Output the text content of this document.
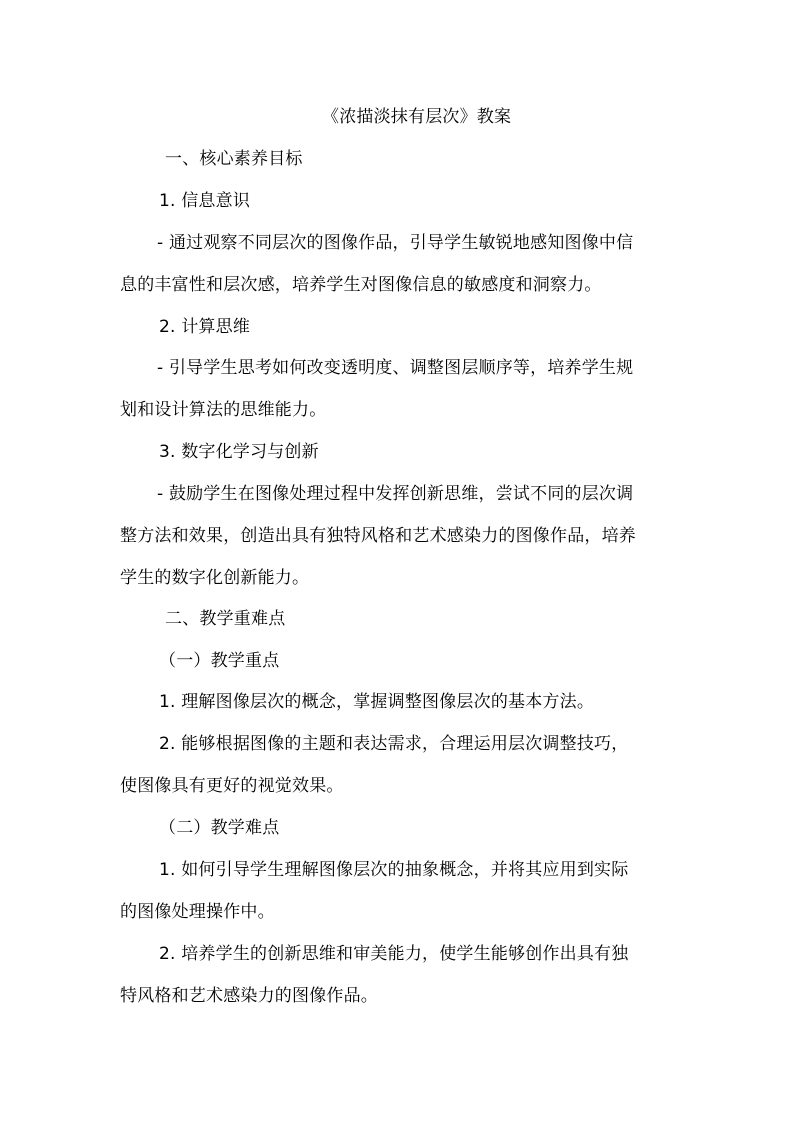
《浓描淡抹有层次》教案
一、核心素养目标
1. 信息意识
- 通过观察不同层次的图像作品，引导学生敏锐地感知图像中信
息的丰富性和层次感，培养学生对图像信息的敏感度和洞察力。
2. 计算思维
- 引导学生思考如何改变透明度、调整图层顺序等，培养学生规
划和设计算法的思维能力。
3. 数字化学习与创新
- 鼓励学生在图像处理过程中发挥创新思维，尝试不同的层次调
整方法和效果，创造出具有独特风格和艺术感染力的图像作品，培养
学生的数字化创新能力。
二、教学重难点
（一）教学重点
1. 理解图像层次的概念，掌握调整图像层次的基本方法。
2. 能够根据图像的主题和表达需求，合理运用层次调整技巧，
使图像具有更好的视觉效果。
（二）教学难点
1. 如何引导学生理解图像层次的抽象概念，并将其应用到实际
的图像处理操作中。
2. 培养学生的创新思维和审美能力，使学生能够创作出具有独
特风格和艺术感染力的图像作品。
